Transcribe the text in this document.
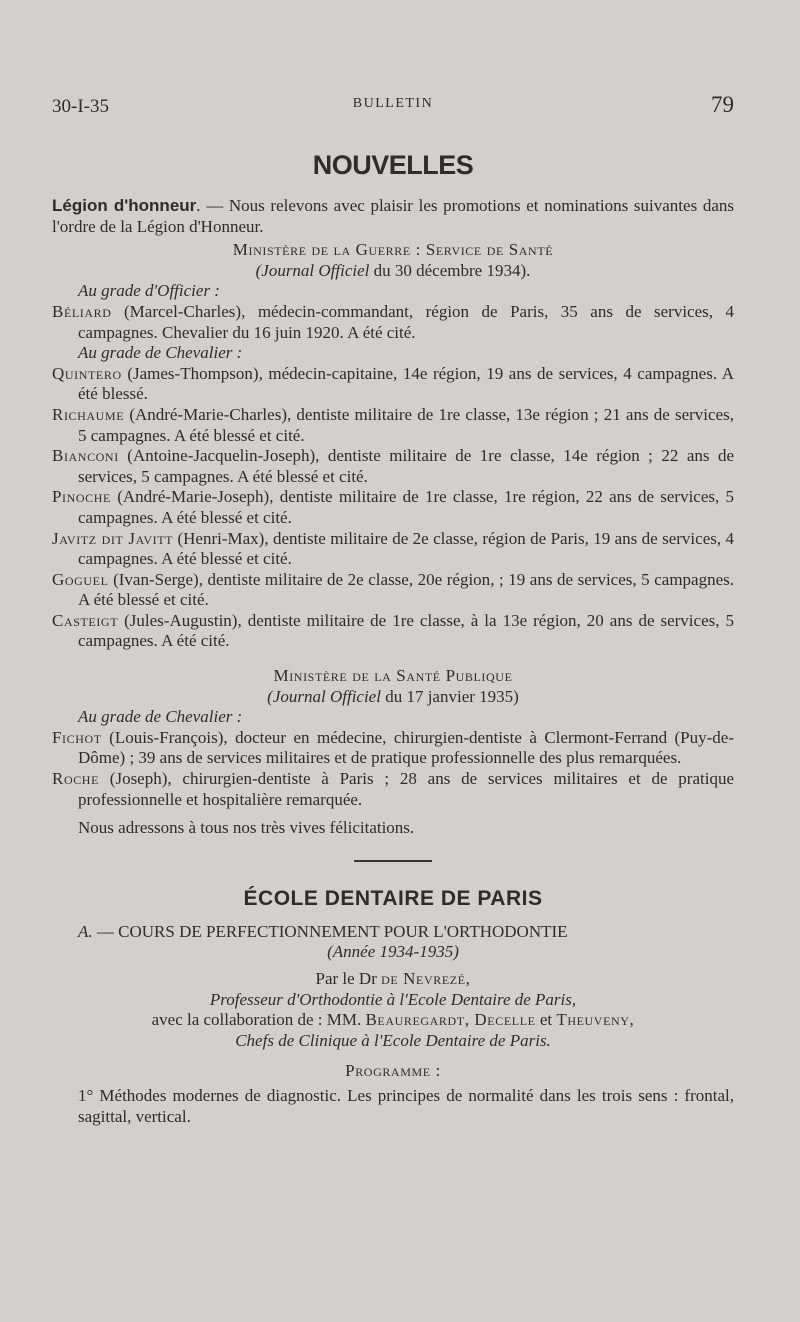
30-I-35	BULLETIN	79
NOUVELLES

Légion d'honneur. — Nous relevons avec plaisir les promotions et nominations suivantes dans l'ordre de la Légion d'Honneur.

Ministère de la Guerre : Service de Santé

(Journal Officiel du 30 décembre 1934).

Au grade d'Officier :

Béliard (Marcel-Charles), médecin-commandant, région de Paris, 35 ans de services, 4 campagnes. Chevalier du 16 juin 1920. A été cité.

Au grade de Chevalier :

Quintero (James-Thompson), médecin-capitaine, 14e région, 19 ans de services, 4 campagnes. A été blessé.

Richaume (André-Marie-Charles), dentiste militaire de 1re classe, 13e région ; 21 ans de services, 5 campagnes. A été blessé et cité.

Bianconi (Antoine-Jacquelin-Joseph), dentiste militaire de 1re classe, 14e région ; 22 ans de services, 5 campagnes. A été blessé et cité.

Pinoche (André-Marie-Joseph), dentiste militaire de 1re classe, 1re région, 22 ans de services, 5 campagnes. A été blessé et cité.

Javitz dit Javitt (Henri-Max), dentiste militaire de 2e classe, région de Paris, 19 ans de services, 4 campagnes. A été blessé et cité.

Goguel (Ivan-Serge), dentiste militaire de 2e classe, 20e région, ; 19 ans de services, 5 campagnes. A été blessé et cité.

Casteigt (Jules-Augustin), dentiste militaire de 1re classe, à la 13e région, 20 ans de services, 5 campagnes. A été cité.

Ministère de la Santé Publique

(Journal Officiel du 17 janvier 1935)

Au grade de Chevalier :

Fichot (Louis-François), docteur en médecine, chirurgien-dentiste à Clermont-Ferrand (Puy-de-Dôme) ; 39 ans de services militaires et de pratique professionnelle des plus remarquées.

Roche (Joseph), chirurgien-dentiste à Paris ; 28 ans de services militaires et de pratique professionnelle et hospitalière remarquée.

Nous adressons à tous nos très vives félicitations.

ÉCOLE DENTAIRE DE PARIS

A. — COURS DE PERFECTIONNEMENT POUR L'ORTHODONTIE

(Année 1934-1935)

Par le Dr de Nevrezé,

Professeur d'Orthodontie à l'Ecole Dentaire de Paris,

avec la collaboration de : MM. Beauregardt, Decelle et Theuveny,

Chefs de Clinique à l'Ecole Dentaire de Paris.

Programme :

1° Méthodes modernes de diagnostic. Les principes de normalité dans les trois sens : frontal, sagittal, vertical.
